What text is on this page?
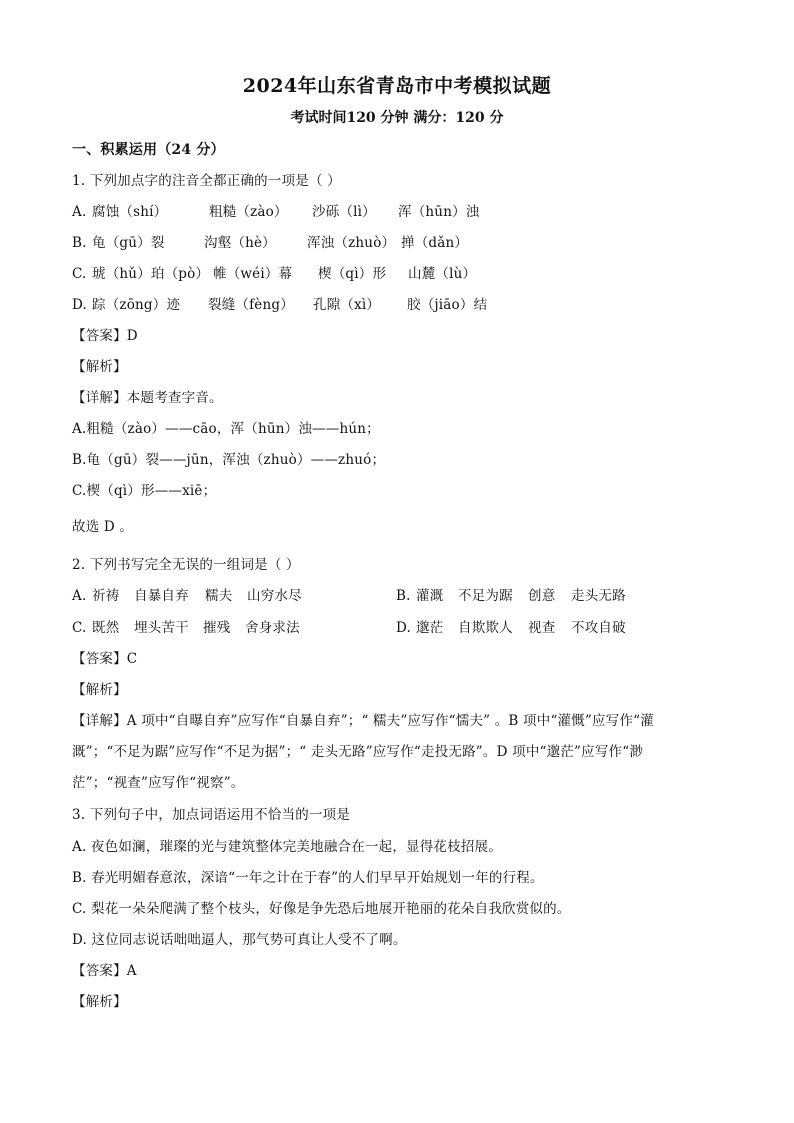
2024年山东省青岛市中考模拟试题
考试时间120 分钟 满分：120 分
一、积累运用（24 分）
1. 下列加点字的注音全都正确的一项是（ ）
A. 腐蚀（shí）	粗糙（zào） 沙砾（lì） 浑（hūn）浊
B. 龟（gū）裂	沟壑（hè） 浑浊（zhuò） 掸（dǎn）
C. 琥（hǔ）珀（pò） 帷（wéi）幕 楔（qì）形 山麓（lù）
D. 踪（zōng）迹 裂缝（fèng） 孔隙（xì） 胶（jiāo）结
【答案】D
【解析】
【详解】本题考查字音。
A.粗糙（zào）——cāo，浑（hūn）浊——hún；
B.龟（gū）裂——jūn，浑浊（zhuò）——zhuó；
C.楔（qì）形——xiē；
故选 D 。
2. 下列书写完全无误的一组词是（ ）
A. 祈祷 自暴自弃 糯夫 山穷水尽	B. 灌溉 不足为踞 创意 走头无路
C. 既然 埋头苦干 摧残 舍身求法	D. 邈茫 自欺欺人 视查 不攻自破
【答案】C
【解析】
【详解】A 项中“自曝自弃”应写作“自暴自弃”；“ 糯夫”应写作“懦夫” 。B 项中“灌慨”应写作“灌
溉”；“不足为踞”应写作“不足为据”；“ 走头无路”应写作“走投无路”。D 项中“邈茫”应写作“渺
茫”；“视查”应写作“视察”。
3. 下列句子中，加点词语运用不恰当的一项是
A. 夜色如澜，璀璨的光与建筑整体完美地融合在一起，显得花枝招展。
B. 春光明媚春意浓，深谙“一年之计在于春”的人们早早开始规划一年的行程。
C. 梨花一朵朵爬满了整个枝头，好像是争先恐后地展开艳丽的花朵自我欣赏似的。
D. 这位同志说话咄咄逼人，那气势可真让人受不了啊。
【答案】A
【解析】
